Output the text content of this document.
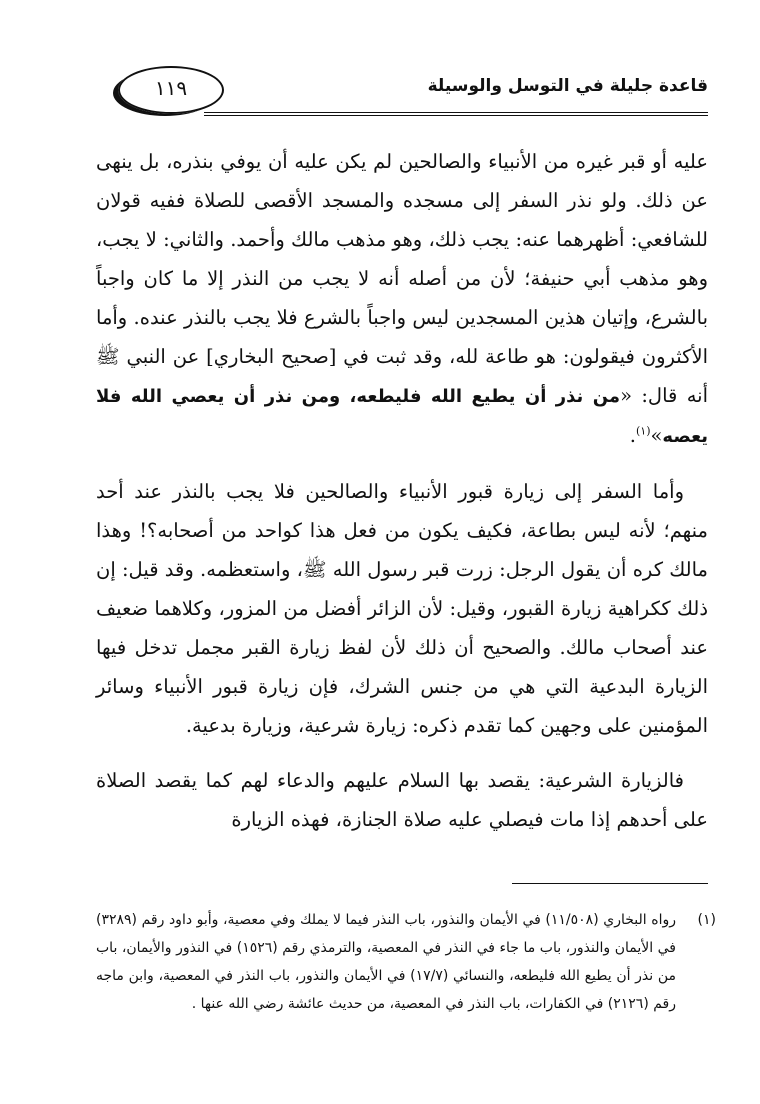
قاعدة جليلة في التوسل والوسيلة
١١٩

عليه أو قبر غيره من الأنبياء والصالحين لم يكن عليه أن يوفي بنذره، بل ينهى عن ذلك. ولو نذر السفر إلى مسجده والمسجد الأقصى للصلاة ففيه قولان للشافعي: أظهرهما عنه: يجب ذلك، وهو مذهب مالك وأحمد. والثاني: لا يجب، وهو مذهب أبي حنيفة؛ لأن من أصله أنه لا يجب من النذر إلا ما كان واجباً بالشرع، وإتيان هذين المسجدين ليس واجباً بالشرع فلا يجب بالنذر عنده. وأما الأكثرون فيقولون: هو طاعة لله، وقد ثبت في [صحيح البخاري] عن النبي ﷺ أنه قال: «من نذر أن يطيع الله فليطعه، ومن نذر أن يعصي الله فلا يعصه»$^{(١)}$.

وأما السفر إلى زيارة قبور الأنبياء والصالحين فلا يجب بالنذر عند أحد منهم؛ لأنه ليس بطاعة، فكيف يكون من فعل هذا كواحد من أصحابه؟! وهذا مالك كره أن يقول الرجل: زرت قبر رسول الله ﷺ، واستعظمه. وقد قيل: إن ذلك ككراهية زيارة القبور، وقيل: لأن الزائر أفضل من المزور، وكلاهما ضعيف عند أصحاب مالك. والصحيح أن ذلك لأن لفظ زيارة القبر مجمل تدخل فيها الزيارة البدعية التي هي من جنس الشرك، فإن زيارة قبور الأنبياء وسائر المؤمنين على وجهين كما تقدم ذكره: زيارة شرعية، وزيارة بدعية.

فالزيارة الشرعية: يقصد بها السلام عليهم والدعاء لهم كما يقصد الصلاة على أحدهم إذا مات فيصلي عليه صلاة الجنازة، فهذه الزيارة

(١)
رواه البخاري (١١/٥٠٨) في الأيمان والنذور، باب النذر فيما لا يملك وفي معصية، وأبو داود رقم (٣٢٨٩) في الأيمان والنذور، باب ما جاء في النذر في المعصية، والترمذي رقم (١٥٢٦) في النذور والأيمان، باب من نذر أن يطيع الله فليطعه، والنسائي (١٧/٧) في الأيمان والنذور، باب النذر في المعصية، وابن ماجه رقم (٢١٢٦) في الكفارات، باب النذر في المعصية، من حديث عائشة رضي الله عنها .
